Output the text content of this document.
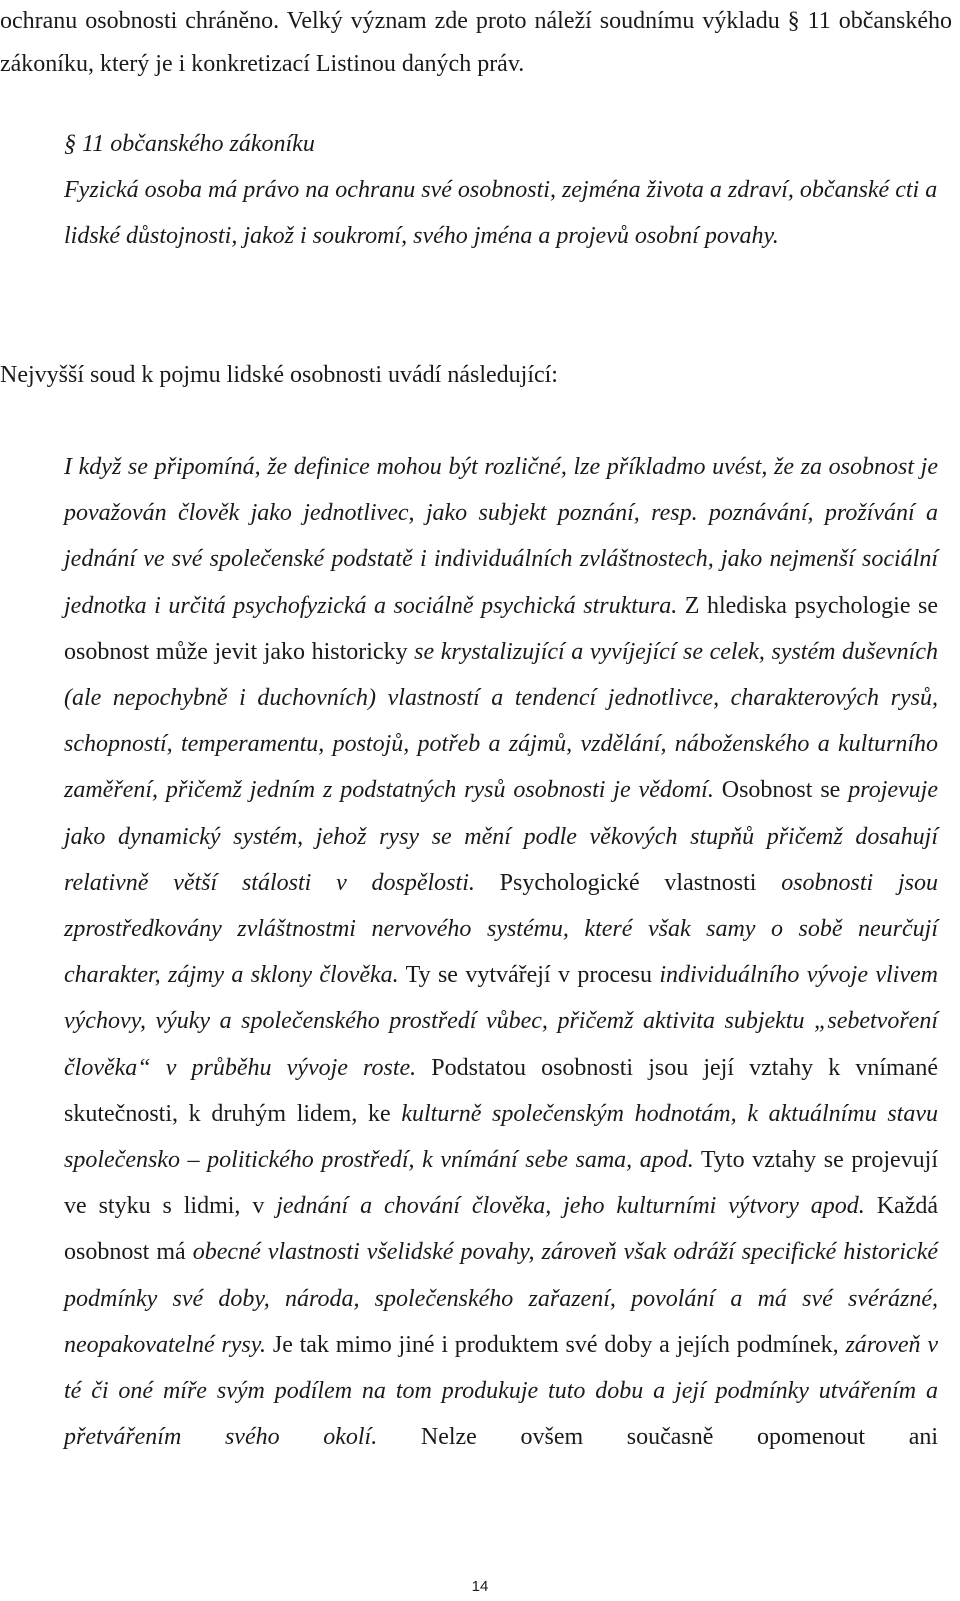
ochranu osobnosti chráněno. Velký význam zde proto náleží soudnímu výkladu § 11 občanského zákoníku, který je i konkretizací Listinou daných práv.

§ 11 občanského zákoníku
Fyzická osoba má právo na ochranu své osobnosti, zejména života a zdraví, občanské cti a lidské důstojnosti, jakož i soukromí, svého jména a projevů osobní povahy.

Nejvyšší soud k pojmu lidské osobnosti uvádí následující:

I když se připomíná, že definice mohou být rozličné, lze příkladmo uvést, že za osobnost je považován člověk jako jednotlivec, jako subjekt poznání, resp. poznávání, prožívání a jednání ve své společenské podstatě i individuálních zvláštnostech, jako nejmenší sociální jednotka i určitá psychofyzická a sociálně psychická struktura. Z hlediska psychologie se osobnost může jevit jako historicky se krystalizující a vyvíjející se celek, systém duševních (ale nepochybně i duchovních) vlastností a tendencí jednotlivce, charakterových rysů, schopností, temperamentu, postojů, potřeb a zájmů, vzdělání, náboženského a kulturního zaměření, přičemž jedním z podstatných rysů osobnosti je vědomí. Osobnost se projevuje jako dynamický systém, jehož rysy se mění podle věkových stupňů přičemž dosahují relativně větší stálosti v dospělosti. Psychologické vlastnosti osobnosti jsou zprostředkovány zvláštnostmi nervového systému, které však samy o sobě neurčují charakter, zájmy a sklony člověka. Ty se vytvářejí v procesu individuálního vývoje vlivem výchovy, výuky a společenského prostředí vůbec, přičemž aktivita subjektu „sebetvoření člověka“ v průběhu vývoje roste. Podstatou osobnosti jsou její vztahy k vnímané skutečnosti, k druhým lidem, ke kulturně společenským hodnotám, k aktuálnímu stavu společensko – politického prostředí, k vnímání sebe sama, apod. Tyto vztahy se projevují ve styku s lidmi, v jednání a chování člověka, jeho kulturními výtvory apod. Každá osobnost má obecné vlastnosti všelidské povahy, zároveň však odráží specifické historické podmínky své doby, národa, společenského zařazení, povolání a má své svérázné, neopakovatelné rysy. Je tak mimo jiné i produktem své doby a jejích podmínek, zároveň v té či oné míře svým podílem na tom produkuje tuto dobu a její podmínky utvářením a přetvářením svého okolí. Nelze ovšem současně opomenout ani

14
